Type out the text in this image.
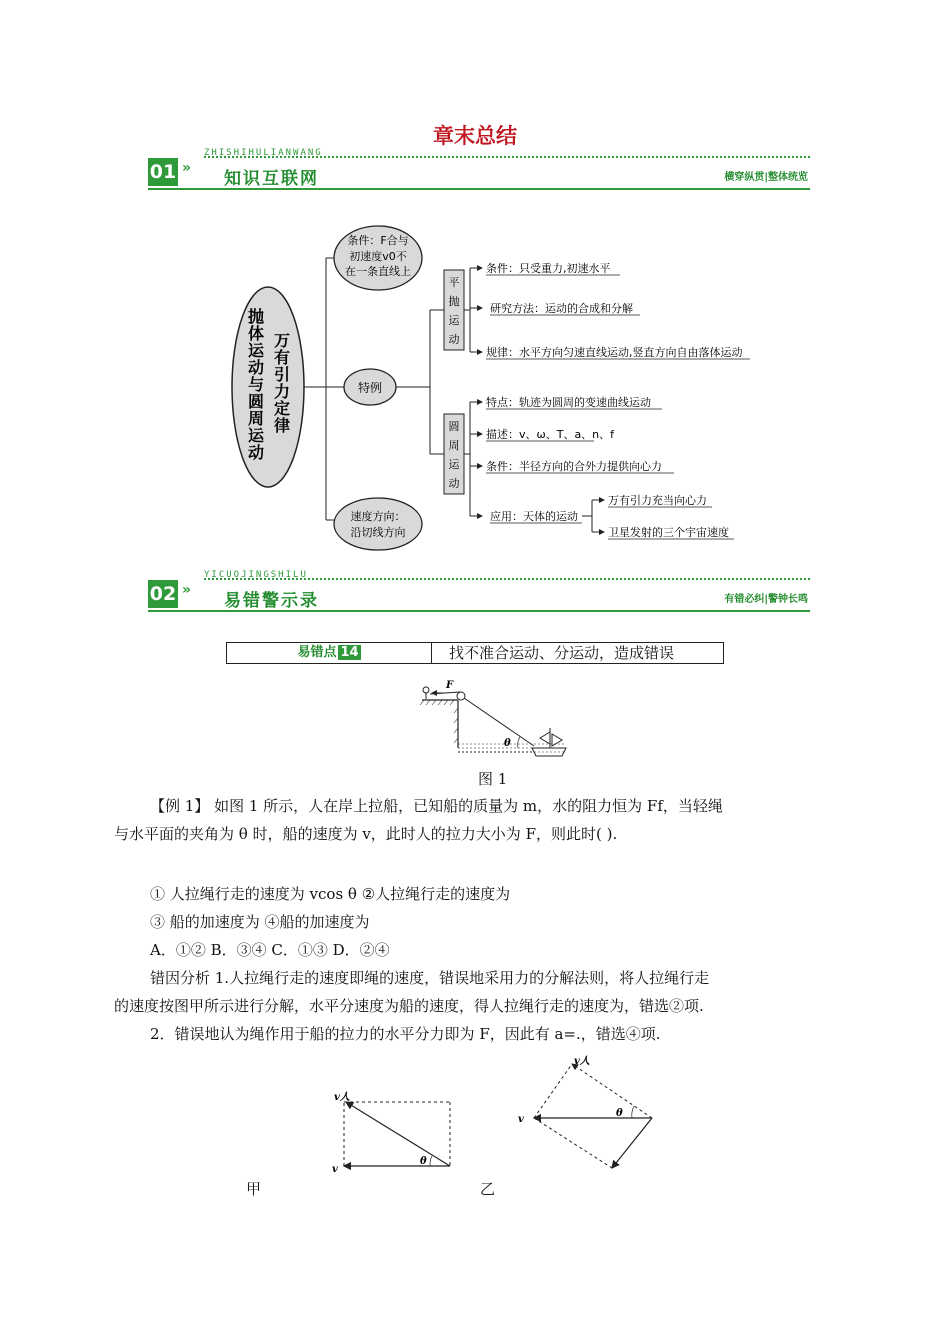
章末总结
01 »
ZHISHIHULIANWANG
知识互联网	横穿纵贯|整体统览
抛
体
运
动
与
圆
周
运
动
万
有
引
力
定
律
条件：F合与
初速度v0不
在一条直线上
特例
速度方向：
沿切线方向
平
抛
运
动
圆
周
运
动
条件：只受重力,初速水平
研究方法：运动的合成和分解
规律：水平方向匀速直线运动,竖直方向自由落体运动
特点：轨迹为圆周的变速曲线运动
描述：v、ω、T、a、n、f
条件：半径方向的合外力提供向心力
应用：天体的运动
万有引力充当向心力
卫星发射的三个宇宙速度
02 »
YICUOJINGSHILU
易错警示录	有错必纠|警钟长鸣
易错点 14	找不准合运动、分运动，造成错误
F
θ
图 1
【例 1】 如图 1 所示，人在岸上拉船，已知船的质量为 m，水的阻力恒为 Ff，当轻绳
与水平面的夹角为 θ 时，船的速度为 v，此时人的拉力大小为 F，则此时( ).
① 人拉绳行走的速度为 vcos θ ②人拉绳行走的速度为
③ 船的加速度为 ④船的加速度为
A．①② B．③④ C．①③ D．②④
错因分析 1.人拉绳行走的速度即绳的速度，错误地采用力的分解法则，将人拉绳行走
的速度按图甲所示进行分解，水平分速度为船的速度，得人拉绳行走的速度为，错选②项.
2．错误地认为绳作用于船的拉力的水平分力即为 F，因此有 a=.，错选④项.
v人
v
θ
甲
v人
v
θ
乙
